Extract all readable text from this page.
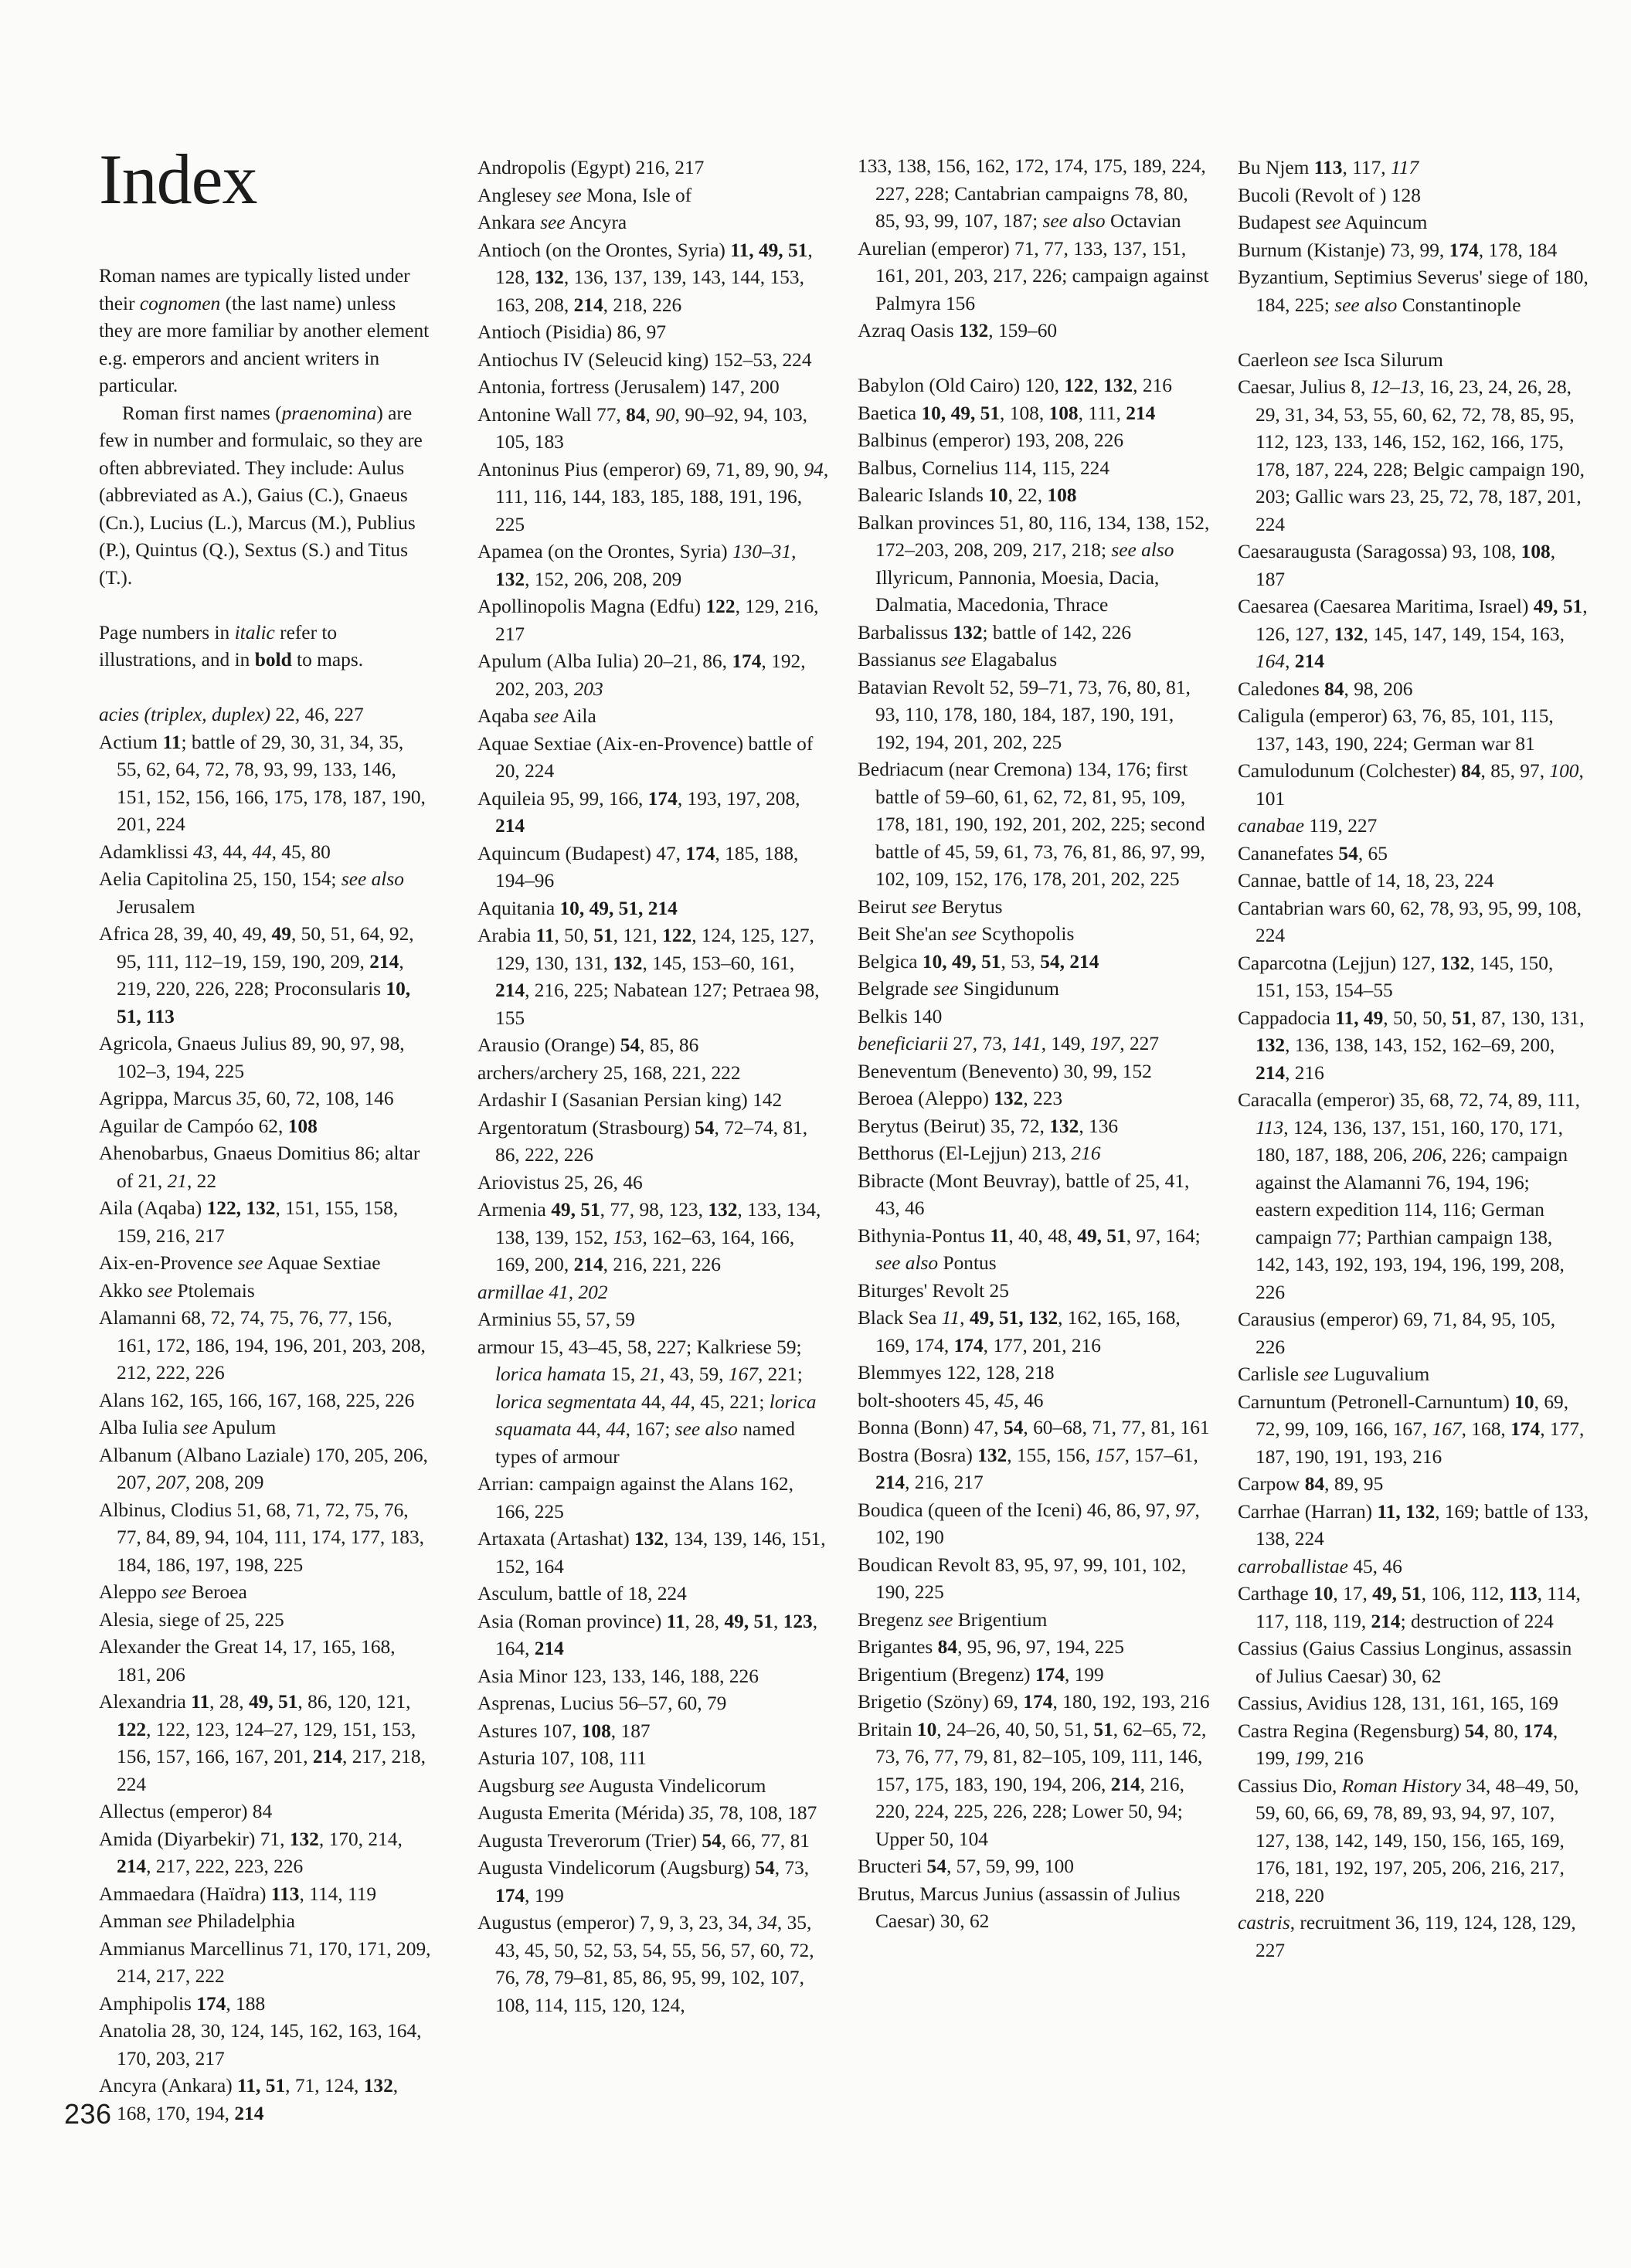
Index

Roman names are typically listed under their cognomen (the last name) unless they are more familiar by another element e.g. emperors and ancient writers in particular.

Roman first names (praenomina) are few in number and formulaic, so they are often abbreviated. They include: Aulus (abbreviated as A.), Gaius (C.), Gnaeus (Cn.), Lucius (L.), Marcus (M.), Publius (P.), Quintus (Q.), Sextus (S.) and Titus (T.).

Page numbers in italic refer to illustrations, and in bold to maps.

acies (triplex, duplex) 22, 46, 227
Actium 11; battle of 29, 30, 31, 34, 35, 55, 62, 64, 72, 78, 93, 99, 133, 146, 151, 152, 156, 166, 175, 178, 187, 190, 201, 224
Adamklissi 43, 44, 44, 45, 80
Aelia Capitolina 25, 150, 154; see also Jerusalem
Africa 28, 39, 40, 49, 49, 50, 51, 64, 92, 95, 111, 112–19, 159, 190, 209, 214, 219, 220, 226, 228; Proconsularis 10, 51, 113
Agricola, Gnaeus Julius 89, 90, 97, 98, 102–3, 194, 225
Agrippa, Marcus 35, 60, 72, 108, 146
Aguilar de Campóo 62, 108
Ahenobarbus, Gnaeus Domitius 86; altar of 21, 21, 22
Aila (Aqaba) 122, 132, 151, 155, 158, 159, 216, 217
Aix-en-Provence see Aquae Sextiae
Akko see Ptolemais
Alamanni 68, 72, 74, 75, 76, 77, 156, 161, 172, 186, 194, 196, 201, 203, 208, 212, 222, 226
Alans 162, 165, 166, 167, 168, 225, 226
Alba Iulia see Apulum
Albanum (Albano Laziale) 170, 205, 206, 207, 207, 208, 209
Albinus, Clodius 51, 68, 71, 72, 75, 76, 77, 84, 89, 94, 104, 111, 174, 177, 183, 184, 186, 197, 198, 225
Aleppo see Beroea
Alesia, siege of 25, 225
Alexander the Great 14, 17, 165, 168, 181, 206
Alexandria 11, 28, 49, 51, 86, 120, 121, 122, 122, 123, 124–27, 129, 151, 153, 156, 157, 166, 167, 201, 214, 217, 218, 224
Allectus (emperor) 84
Amida (Diyarbekir) 71, 132, 170, 214, 214, 217, 222, 223, 226
Ammaedara (Haïdra) 113, 114, 119
Amman see Philadelphia
Ammianus Marcellinus 71, 170, 171, 209, 214, 217, 222
Amphipolis 174, 188
Anatolia 28, 30, 124, 145, 162, 163, 164, 170, 203, 217
Ancyra (Ankara) 11, 51, 71, 124, 132, 168, 170, 194, 214
Andropolis (Egypt) 216, 217
Anglesey see Mona, Isle of
Ankara see Ancyra
Antioch (on the Orontes, Syria) 11, 49, 51, 128, 132, 136, 137, 139, 143, 144, 153, 163, 208, 214, 218, 226
Antioch (Pisidia) 86, 97
Antiochus IV (Seleucid king) 152–53, 224
Antonia, fortress (Jerusalem) 147, 200
Antonine Wall 77, 84, 90, 90–92, 94, 103, 105, 183
Antoninus Pius (emperor) 69, 71, 89, 90, 94, 111, 116, 144, 183, 185, 188, 191, 196, 225
Apamea (on the Orontes, Syria) 130–31, 132, 152, 206, 208, 209
Apollinopolis Magna (Edfu) 122, 129, 216, 217
Apulum (Alba Iulia) 20–21, 86, 174, 192, 202, 203, 203
Aqaba see Aila
Aquae Sextiae (Aix-en-Provence) battle of 20, 224
Aquileia 95, 99, 166, 174, 193, 197, 208, 214
Aquincum (Budapest) 47, 174, 185, 188, 194–96
Aquitania 10, 49, 51, 214
Arabia 11, 50, 51, 121, 122, 124, 125, 127, 129, 130, 131, 132, 145, 153–60, 161, 214, 216, 225; Nabatean 127; Petraea 98, 155
Arausio (Orange) 54, 85, 86
archers/archery 25, 168, 221, 222
Ardashir I (Sasanian Persian king) 142
Argentoratum (Strasbourg) 54, 72–74, 81, 86, 222, 226
Ariovistus 25, 26, 46
Armenia 49, 51, 77, 98, 123, 132, 133, 134, 138, 139, 152, 153, 162–63, 164, 166, 169, 200, 214, 216, 221, 226
armillae 41, 202
Arminius 55, 57, 59
armour 15, 43–45, 58, 227; Kalkriese 59; lorica hamata 15, 21, 43, 59, 167, 221; lorica segmentata 44, 44, 45, 221; lorica squamata 44, 44, 167; see also named types of armour
Arrian: campaign against the Alans 162, 166, 225
Artaxata (Artashat) 132, 134, 139, 146, 151, 152, 164
Asculum, battle of 18, 224
Asia (Roman province) 11, 28, 49, 51, 123, 164, 214
Asia Minor 123, 133, 146, 188, 226
Asprenas, Lucius 56–57, 60, 79
Astures 107, 108, 187
Asturia 107, 108, 111
Augsburg see Augusta Vindelicorum
Augusta Emerita (Mérida) 35, 78, 108, 187
Augusta Treverorum (Trier) 54, 66, 77, 81
Augusta Vindelicorum (Augsburg) 54, 73, 174, 199
Augustus (emperor) 7, 9, 3, 23, 34, 34, 35, 43, 45, 50, 52, 53, 54, 55, 56, 57, 60, 72, 76, 78, 79–81, 85, 86, 95, 99, 102, 107, 108, 114, 115, 120, 124,
133, 138, 156, 162, 172, 174, 175, 189, 224, 227, 228; Cantabrian campaigns 78, 80, 85, 93, 99, 107, 187; see also Octavian
Aurelian (emperor) 71, 77, 133, 137, 151, 161, 201, 203, 217, 226; campaign against Palmyra 156
Azraq Oasis 132, 159–60
Babylon (Old Cairo) 120, 122, 132, 216
Baetica 10, 49, 51, 108, 108, 111, 214
Balbinus (emperor) 193, 208, 226
Balbus, Cornelius 114, 115, 224
Balearic Islands 10, 22, 108
Balkan provinces 51, 80, 116, 134, 138, 152, 172–203, 208, 209, 217, 218; see also Illyricum, Pannonia, Moesia, Dacia, Dalmatia, Macedonia, Thrace
Barbalissus 132; battle of 142, 226
Bassianus see Elagabalus
Batavian Revolt 52, 59–71, 73, 76, 80, 81, 93, 110, 178, 180, 184, 187, 190, 191, 192, 194, 201, 202, 225
Bedriacum (near Cremona) 134, 176; first battle of 59–60, 61, 62, 72, 81, 95, 109, 178, 181, 190, 192, 201, 202, 225; second battle of 45, 59, 61, 73, 76, 81, 86, 97, 99, 102, 109, 152, 176, 178, 201, 202, 225
Beirut see Berytus
Beit She'an see Scythopolis
Belgica 10, 49, 51, 53, 54, 214
Belgrade see Singidunum
Belkis 140
beneficiarii 27, 73, 141, 149, 197, 227
Beneventum (Benevento) 30, 99, 152
Beroea (Aleppo) 132, 223
Berytus (Beirut) 35, 72, 132, 136
Betthorus (El-Lejjun) 213, 216
Bibracte (Mont Beuvray), battle of 25, 41, 43, 46
Bithynia-Pontus 11, 40, 48, 49, 51, 97, 164; see also Pontus
Biturges' Revolt 25
Black Sea 11, 49, 51, 132, 162, 165, 168, 169, 174, 174, 177, 201, 216
Blemmyes 122, 128, 218
bolt-shooters 45, 45, 46
Bonna (Bonn) 47, 54, 60–68, 71, 77, 81, 161
Bostra (Bosra) 132, 155, 156, 157, 157–61, 214, 216, 217
Boudica (queen of the Iceni) 46, 86, 97, 97, 102, 190
Boudican Revolt 83, 95, 97, 99, 101, 102, 190, 225
Bregenz see Brigentium
Brigantes 84, 95, 96, 97, 194, 225
Brigentium (Bregenz) 174, 199
Brigetio (Szöny) 69, 174, 180, 192, 193, 216
Britain 10, 24–26, 40, 50, 51, 51, 62–65, 72, 73, 76, 77, 79, 81, 82–105, 109, 111, 146, 157, 175, 183, 190, 194, 206, 214, 216, 220, 224, 225, 226, 228; Lower 50, 94; Upper 50, 104
Bructeri 54, 57, 59, 99, 100
Brutus, Marcus Junius (assassin of Julius Caesar) 30, 62
Bu Njem 113, 117, 117
Bucoli (Revolt of ) 128
Budapest see Aquincum
Burnum (Kistanje) 73, 99, 174, 178, 184
Byzantium, Septimius Severus' siege of 180, 184, 225; see also Constantinople
Caerleon see Isca Silurum
Caesar, Julius 8, 12–13, 16, 23, 24, 26, 28, 29, 31, 34, 53, 55, 60, 62, 72, 78, 85, 95, 112, 123, 133, 146, 152, 162, 166, 175, 178, 187, 224, 228; Belgic campaign 190, 203; Gallic wars 23, 25, 72, 78, 187, 201, 224
Caesaraugusta (Saragossa) 93, 108, 108, 187
Caesarea (Caesarea Maritima, Israel) 49, 51, 126, 127, 132, 145, 147, 149, 154, 163, 164, 214
Caledones 84, 98, 206
Caligula (emperor) 63, 76, 85, 101, 115, 137, 143, 190, 224; German war 81
Camulodunum (Colchester) 84, 85, 97, 100, 101
canabae 119, 227
Cananefates 54, 65
Cannae, battle of 14, 18, 23, 224
Cantabrian wars 60, 62, 78, 93, 95, 99, 108, 224
Caparcotna (Lejjun) 127, 132, 145, 150, 151, 153, 154–55
Cappadocia 11, 49, 50, 50, 51, 87, 130, 131, 132, 136, 138, 143, 152, 162–69, 200, 214, 216
Caracalla (emperor) 35, 68, 72, 74, 89, 111, 113, 124, 136, 137, 151, 160, 170, 171, 180, 187, 188, 206, 206, 226; campaign against the Alamanni 76, 194, 196; eastern expedition 114, 116; German campaign 77; Parthian campaign 138, 142, 143, 192, 193, 194, 196, 199, 208, 226
Carausius (emperor) 69, 71, 84, 95, 105, 226
Carlisle see Luguvalium
Carnuntum (Petronell-Carnuntum) 10, 69, 72, 99, 109, 166, 167, 167, 168, 174, 177, 187, 190, 191, 193, 216
Carpow 84, 89, 95
Carrhae (Harran) 11, 132, 169; battle of 133, 138, 224
carroballistae 45, 46
Carthage 10, 17, 49, 51, 106, 112, 113, 114, 117, 118, 119, 214; destruction of 224
Cassius (Gaius Cassius Longinus, assassin of Julius Caesar) 30, 62
Cassius, Avidius 128, 131, 161, 165, 169
Castra Regina (Regensburg) 54, 80, 174, 199, 199, 216
Cassius Dio, Roman History 34, 48–49, 50, 59, 60, 66, 69, 78, 89, 93, 94, 97, 107, 127, 138, 142, 149, 150, 156, 165, 169, 176, 181, 192, 197, 205, 206, 216, 217, 218, 220
castris, recruitment 36, 119, 124, 128, 129, 227
236
